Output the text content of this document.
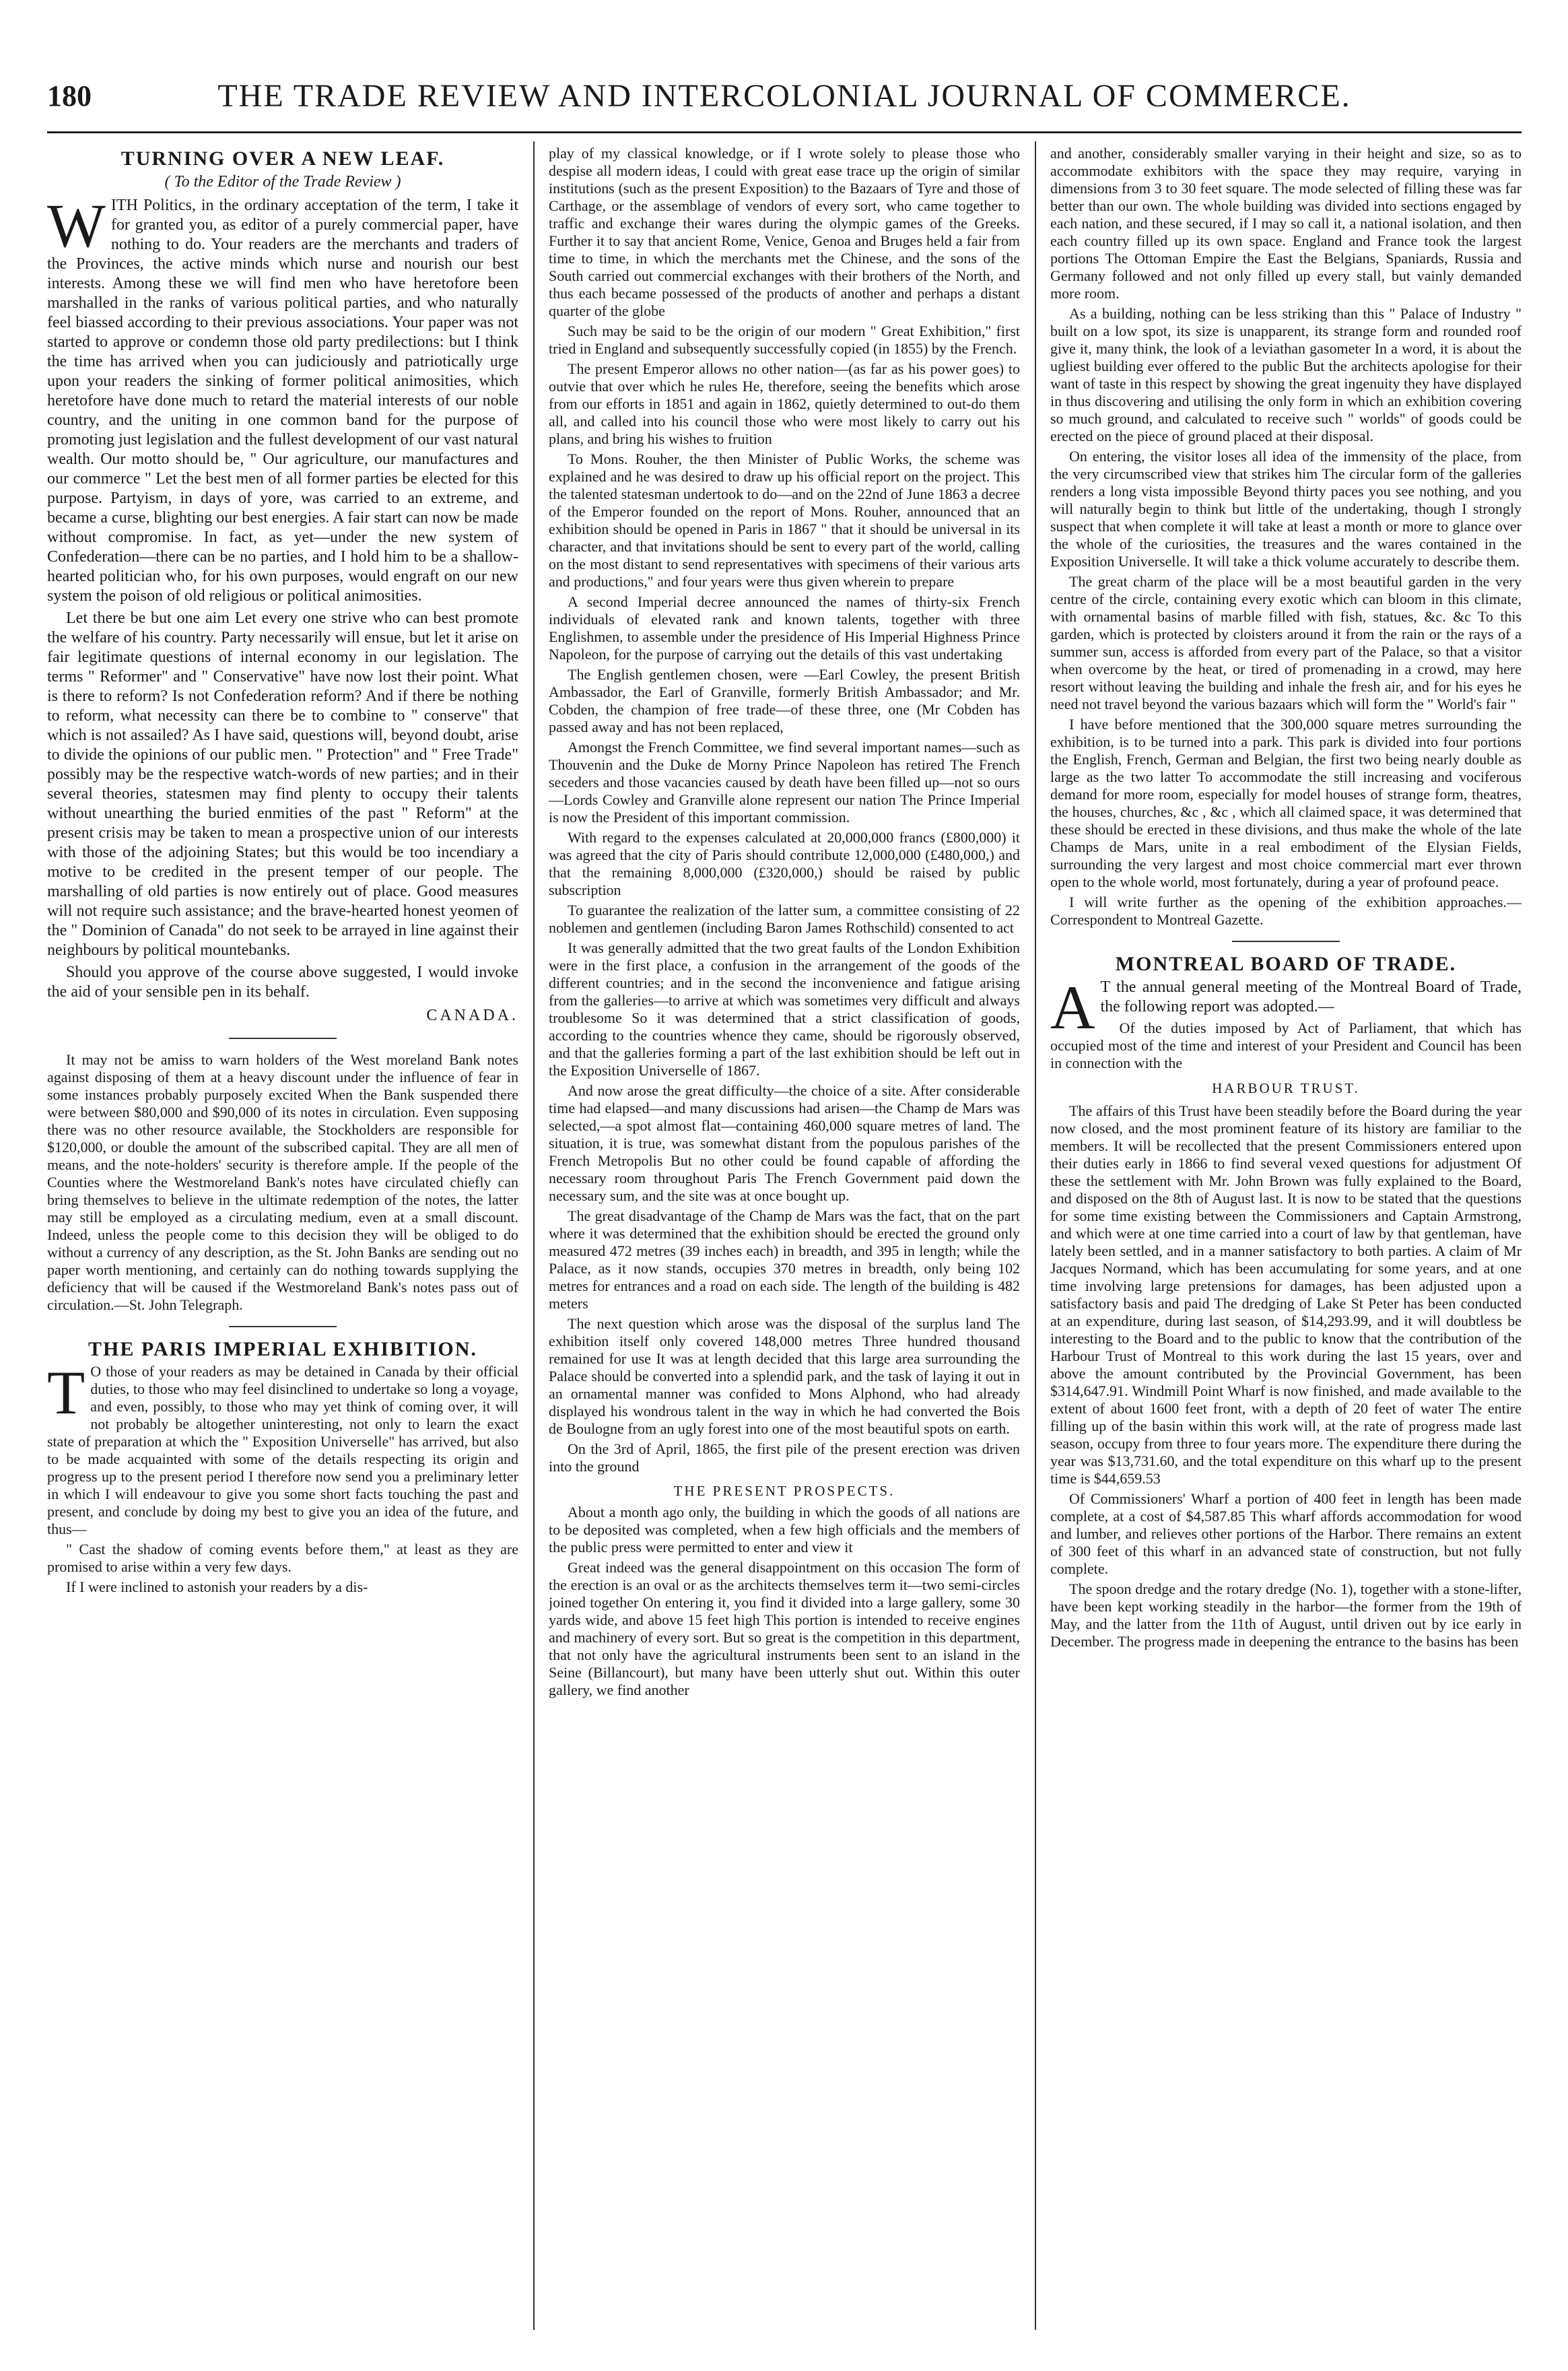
180	THE TRADE REVIEW AND INTERCOLONIAL JOURNAL OF COMMERCE.
TURNING OVER A NEW LEAF.
( To the Editor of the Trade Review )

WITH Politics, in the ordinary acceptation of the term, I take it for granted you, as editor of a purely commercial paper, have nothing to do. Your readers are the merchants and traders of the Provinces, the active minds which nurse and nourish our best interests. Among these we will find men who have heretofore been marshalled in the ranks of various political parties, and who naturally feel biassed according to their previous associations. Your paper was not started to approve or condemn those old party predilections: but I think the time has arrived when you can judiciously and patriotically urge upon your readers the sinking of former political animosities, which heretofore have done much to retard the material interests of our noble country, and the uniting in one common band for the purpose of promoting just legislation and the fullest development of our vast natural wealth. Our motto should be, " Our agriculture, our manufactures and our commerce " Let the best men of all former parties be elected for this purpose. Partyism, in days of yore, was carried to an extreme, and became a curse, blighting our best energies. A fair start can now be made without compromise. In fact, as yet—under the new system of Confederation—there can be no parties, and I hold him to be a shallow-hearted politician who, for his own purposes, would engraft on our new system the poison of old religious or political animosities.

Let there be but one aim Let every one strive who can best promote the welfare of his country. Party necessarily will ensue, but let it arise on fair legitimate questions of internal economy in our legislation. The terms " Reformer" and " Conservative" have now lost their point. What is there to reform? Is not Confederation reform? And if there be nothing to reform, what necessity can there be to combine to " conserve" that which is not assailed? As I have said, questions will, beyond doubt, arise to divide the opinions of our public men. " Protection" and " Free Trade" possibly may be the respective watch-words of new parties; and in their several theories, statesmen may find plenty to occupy their talents without unearthing the buried enmities of the past " Reform" at the present crisis may be taken to mean a prospective union of our interests with those of the adjoining States; but this would be too incendiary a motive to be credited in the present temper of our people. The marshalling of old parties is now entirely out of place. Good measures will not require such assistance; and the brave-hearted honest yeomen of the " Dominion of Canada" do not seek to be arrayed in line against their neighbours by political mountebanks.

Should you approve of the course above suggested, I would invoke the aid of your sensible pen in its behalf.

CANADA.

It may not be amiss to warn holders of the West moreland Bank notes against disposing of them at a heavy discount under the influence of fear in some instances probably purposely excited When the Bank suspended there were between $80,000 and $90,000 of its notes in circulation. Even supposing there was no other resource available, the Stockholders are responsible for $120,000, or double the amount of the subscribed capital. They are all men of means, and the note-holders' security is therefore ample. If the people of the Counties where the Westmoreland Bank's notes have circulated chiefly can bring themselves to believe in the ultimate redemption of the notes, the latter may still be employed as a circulating medium, even at a small discount. Indeed, unless the people come to this decision they will be obliged to do without a currency of any description, as the St. John Banks are sending out no paper worth mentioning, and certainly can do nothing towards supplying the deficiency that will be caused if the Westmoreland Bank's notes pass out of circulation.—St. John Telegraph.

THE PARIS IMPERIAL EXHIBITION.

T O those of your readers as may be detained in Canada by their official duties, to those who may feel disinclined to undertake so long a voyage, and even, possibly, to those who may yet think of coming over, it will not probably be altogether uninteresting, not only to learn the exact state of preparation at which the " Exposition Universelle" has arrived, but also to be made acquainted with some of the details respecting its origin and progress up to the present period I therefore now send you a preliminary letter in which I will endeavour to give you some short facts touching the past and present, and conclude by doing my best to give you an idea of the future, and thus—

" Cast the shadow of coming events before them," at least as they are promised to arise within a very few days.

If I were inclined to astonish your readers by a dis-

play of my classical knowledge, or if I wrote solely to please those who despise all modern ideas, I could with great ease trace up the origin of similar institutions (such as the present Exposition) to the Bazaars of Tyre and those of Carthage, or the assemblage of vendors of every sort, who came together to traffic and exchange their wares during the olympic games of the Greeks. Further it to say that ancient Rome, Venice, Genoa and Bruges held a fair from time to time, in which the merchants met the Chinese, and the sons of the South carried out commercial exchanges with their brothers of the North, and thus each became possessed of the products of another and perhaps a distant quarter of the globe

Such may be said to be the origin of our modern " Great Exhibition," first tried in England and subsequently successfully copied (in 1855) by the French.

The present Emperor allows no other nation—(as far as his power goes) to outvie that over which he rules He, therefore, seeing the benefits which arose from our efforts in 1851 and again in 1862, quietly determined to out-do them all, and called into his council those who were most likely to carry out his plans, and bring his wishes to fruition

To Mons. Rouher, the then Minister of Public Works, the scheme was explained and he was desired to draw up his official report on the project. This the talented statesman undertook to do—and on the 22nd of June 1863 a decree of the Emperor founded on the report of Mons. Rouher, announced that an exhibition should be opened in Paris in 1867 " that it should be universal in its character, and that invitations should be sent to every part of the world, calling on the most distant to send representatives with specimens of their various arts and productions," and four years were thus given wherein to prepare

A second Imperial decree announced the names of thirty-six French individuals of elevated rank and known talents, together with three Englishmen, to assemble under the presidence of His Imperial Highness Prince Napoleon, for the purpose of carrying out the details of this vast undertaking

The English gentlemen chosen, were —Earl Cowley, the present British Ambassador, the Earl of Granville, formerly British Ambassador; and Mr. Cobden, the champion of free trade—of these three, one (Mr Cobden has passed away and has not been replaced,

Amongst the French Committee, we find several important names—such as Thouvenin and the Duke de Morny Prince Napoleon has retired The French seceders and those vacancies caused by death have been filled up—not so ours—Lords Cowley and Granville alone represent our nation The Prince Imperial is now the President of this important commission.

With regard to the expenses calculated at 20,000,000 francs (£800,000) it was agreed that the city of Paris should contribute 12,000,000 (£480,000,) and that the remaining 8,000,000 (£320,000,) should be raised by public subscription

To guarantee the realization of the latter sum, a committee consisting of 22 noblemen and gentlemen (including Baron James Rothschild) consented to act

It was generally admitted that the two great faults of the London Exhibition were in the first place, a confusion in the arrangement of the goods of the different countries; and in the second the inconvenience and fatigue arising from the galleries—to arrive at which was sometimes very difficult and always troublesome So it was determined that a strict classification of goods, according to the countries whence they came, should be rigorously observed, and that the galleries forming a part of the last exhibition should be left out in the Exposition Universelle of 1867.

And now arose the great difficulty—the choice of a site. After considerable time had elapsed—and many discussions had arisen—the Champ de Mars was selected,—a spot almost flat—containing 460,000 square metres of land. The situation, it is true, was somewhat distant from the populous parishes of the French Metropolis But no other could be found capable of affording the necessary room throughout Paris The French Government paid down the necessary sum, and the site was at once bought up.

The great disadvantage of the Champ de Mars was the fact, that on the part where it was determined that the exhibition should be erected the ground only measured 472 metres (39 inches each) in breadth, and 395 in length; while the Palace, as it now stands, occupies 370 metres in breadth, only being 102 metres for entrances and a road on each side. The length of the building is 482 meters

The next question which arose was the disposal of the surplus land The exhibition itself only covered 148,000 metres Three hundred thousand remained for use It was at length decided that this large area surrounding the Palace should be converted into a splendid park, and the task of laying it out in an ornamental manner was confided to Mons Alphond, who had already displayed his wondrous talent in the way in which he had converted the Bois de Boulogne from an ugly forest into one of the most beautiful spots on earth.

On the 3rd of April, 1865, the first pile of the present erection was driven into the ground

THE PRESENT PROSPECTS.

About a month ago only, the building in which the goods of all nations are to be deposited was completed, when a few high officials and the members of the public press were permitted to enter and view it

Great indeed was the general disappointment on this occasion The form of the erection is an oval or as the architects themselves term it—two semi-circles joined together On entering it, you find it divided into a large gallery, some 30 yards wide, and above 15 feet high This portion is intended to receive engines and machinery of every sort. But so great is the competition in this department, that not only have the agricultural instruments been sent to an island in the Seine (Billancourt), but many have been utterly shut out. Within this outer gallery, we find another

and another, considerably smaller varying in their height and size, so as to accommodate exhibitors with the space they may require, varying in dimensions from 3 to 30 feet square. The mode selected of filling these was far better than our own. The whole building was divided into sections engaged by each nation, and these secured, if I may so call it, a national isolation, and then each country filled up its own space. England and France took the largest portions The Ottoman Empire the East the Belgians, Spaniards, Russia and Germany followed and not only filled up every stall, but vainly demanded more room.

As a building, nothing can be less striking than this " Palace of Industry " built on a low spot, its size is unapparent, its strange form and rounded roof give it, many think, the look of a leviathan gasometer In a word, it is about the ugliest building ever offered to the public But the architects apologise for their want of taste in this respect by showing the great ingenuity they have displayed in thus discovering and utilising the only form in which an exhibition covering so much ground, and calculated to receive such " worlds" of goods could be erected on the piece of ground placed at their disposal.

On entering, the visitor loses all idea of the immensity of the place, from the very circumscribed view that strikes him The circular form of the galleries renders a long vista impossible Beyond thirty paces you see nothing, and you will naturally begin to think but little of the undertaking, though I strongly suspect that when complete it will take at least a month or more to glance over the whole of the curiosities, the treasures and the wares contained in the Exposition Universelle. It will take a thick volume accurately to describe them.

The great charm of the place will be a most beautiful garden in the very centre of the circle, containing every exotic which can bloom in this climate, with ornamental basins of marble filled with fish, statues, &c. &c To this garden, which is protected by cloisters around it from the rain or the rays of a summer sun, access is afforded from every part of the Palace, so that a visitor when overcome by the heat, or tired of promenading in a crowd, may here resort without leaving the building and inhale the fresh air, and for his eyes he need not travel beyond the various bazaars which will form the " World's fair "

I have before mentioned that the 300,000 square metres surrounding the exhibition, is to be turned into a park. This park is divided into four portions the English, French, German and Belgian, the first two being nearly double as large as the two latter To accommodate the still increasing and vociferous demand for more room, especially for model houses of strange form, theatres, the houses, churches, &c , &c , which all claimed space, it was determined that these should be erected in these divisions, and thus make the whole of the late Champs de Mars, unite in a real embodiment of the Elysian Fields, surrounding the very largest and most choice commercial mart ever thrown open to the whole world, most fortunately, during a year of profound peace.

I will write further as the opening of the exhibition approaches.—Correspondent to Montreal Gazette.

MONTREAL BOARD OF TRADE.

A T the annual general meeting of the Montreal Board of Trade, the following report was adopted.—

Of the duties imposed by Act of Parliament, that which has occupied most of the time and interest of your President and Council has been in connection with the

HARBOUR TRUST.

The affairs of this Trust have been steadily before the Board during the year now closed, and the most prominent feature of its history are familiar to the members. It will be recollected that the present Commissioners entered upon their duties early in 1866 to find several vexed questions for adjustment Of these the settlement with Mr. John Brown was fully explained to the Board, and disposed on the 8th of August last. It is now to be stated that the questions for some time existing between the Commissioners and Captain Armstrong, and which were at one time carried into a court of law by that gentleman, have lately been settled, and in a manner satisfactory to both parties. A claim of Mr Jacques Normand, which has been accumulating for some years, and at one time involving large pretensions for damages, has been adjusted upon a satisfactory basis and paid The dredging of Lake St Peter has been conducted at an expenditure, during last season, of $14,293.99, and it will doubtless be interesting to the Board and to the public to know that the contribution of the Harbour Trust of Montreal to this work during the last 15 years, over and above the amount contributed by the Provincial Government, has been $314,647.91. Windmill Point Wharf is now finished, and made available to the extent of about 1600 feet front, with a depth of 20 feet of water The entire filling up of the basin within this work will, at the rate of progress made last season, occupy from three to four years more. The expenditure there during the year was $13,731.60, and the total expenditure on this wharf up to the present time is $44,659.53

Of Commissioners' Wharf a portion of 400 feet in length has been made complete, at a cost of $4,587.85 This wharf affords accommodation for wood and lumber, and relieves other portions of the Harbor. There remains an extent of 300 feet of this wharf in an advanced state of construction, but not fully complete.

The spoon dredge and the rotary dredge (No. 1), together with a stone-lifter, have been kept working steadily in the harbor—the former from the 19th of May, and the latter from the 11th of August, until driven out by ice early in December. The progress made in deepening the entrance to the basins has been
